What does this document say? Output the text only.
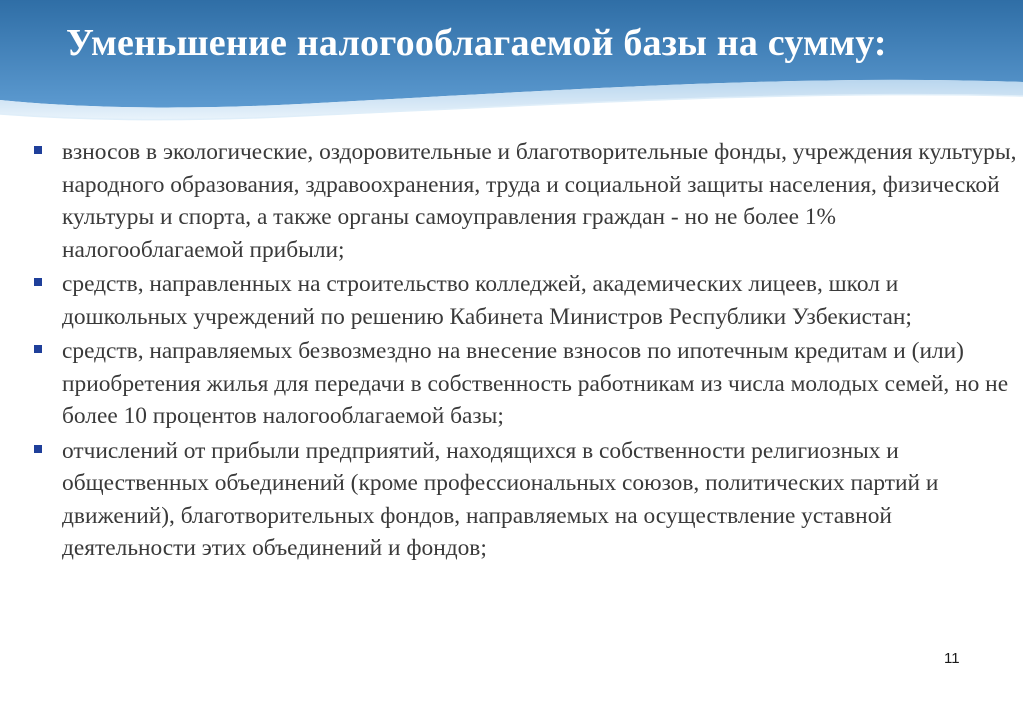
Уменьшение налогооблагаемой базы на сумму:
взносов в экологические, оздоровительные и благотворительные фонды, учреждения культуры, народного образования, здравоохранения, труда и социальной защиты населения, физической культуры и спорта, а также органы самоуправления граждан - но не более 1% налогооблагаемой прибыли;
средств, направленных на строительство колледжей, академических лицеев, школ и дошкольных учреждений по решению Кабинета Министров Республики Узбекистан;
средств, направляемых безвозмездно на внесение взносов по ипотечным кредитам и (или) приобретения жилья для передачи в собственность работникам из числа молодых семей, но не более 10 процентов налогооблагаемой базы;
отчислений от прибыли предприятий, находящихся в собственности религиозных и общественных объединений (кроме профессиональных союзов, политических партий и движений), благотворительных фондов, направляемых на осуществление уставной деятельности этих объединений и фондов;
11
